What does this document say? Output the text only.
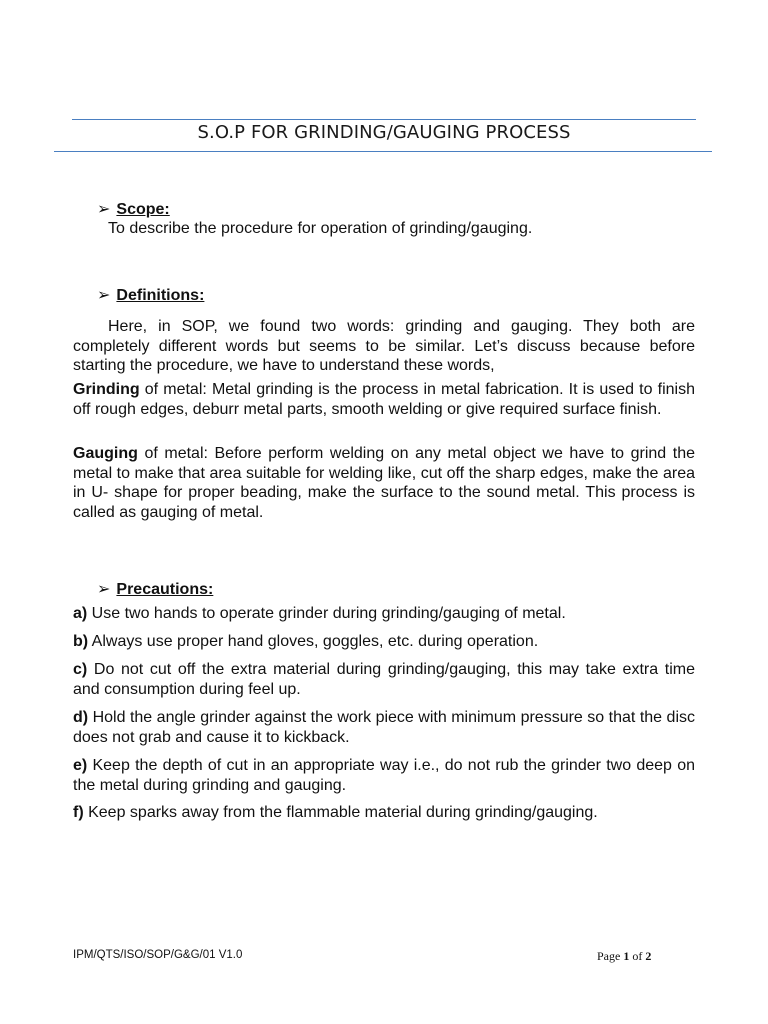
S.O.P FOR GRINDING/GAUGING PROCESS
➢ Scope:
To describe the procedure for operation of grinding/gauging.
➢ Definitions:
Here, in SOP, we found two words: grinding and gauging. They both are completely different words but seems to be similar. Let’s discuss because before starting the procedure, we have to understand these words,
Grinding of metal: Metal grinding is the process in metal fabrication. It is used to finish off rough edges, deburr metal parts, smooth welding or give required surface finish.
Gauging of metal: Before perform welding on any metal object we have to grind the metal to make that area suitable for welding like, cut off the sharp edges, make the area in U- shape for proper beading, make the surface to the sound metal. This process is called as gauging of metal.
➢ Precautions:
a) Use two hands to operate grinder during grinding/gauging of metal.
b) Always use proper hand gloves, goggles, etc. during operation.
c) Do not cut off the extra material during grinding/gauging, this may take extra time and consumption during feel up.
d) Hold the angle grinder against the work piece with minimum pressure so that the disc does not grab and cause it to kickback.
e) Keep the depth of cut in an appropriate way i.e., do not rub the grinder two deep on the metal during grinding and gauging.
f) Keep sparks away from the flammable material during grinding/gauging.
IPM/QTS/ISO/SOP/G&G/01 V1.0	Page 1 of 2
